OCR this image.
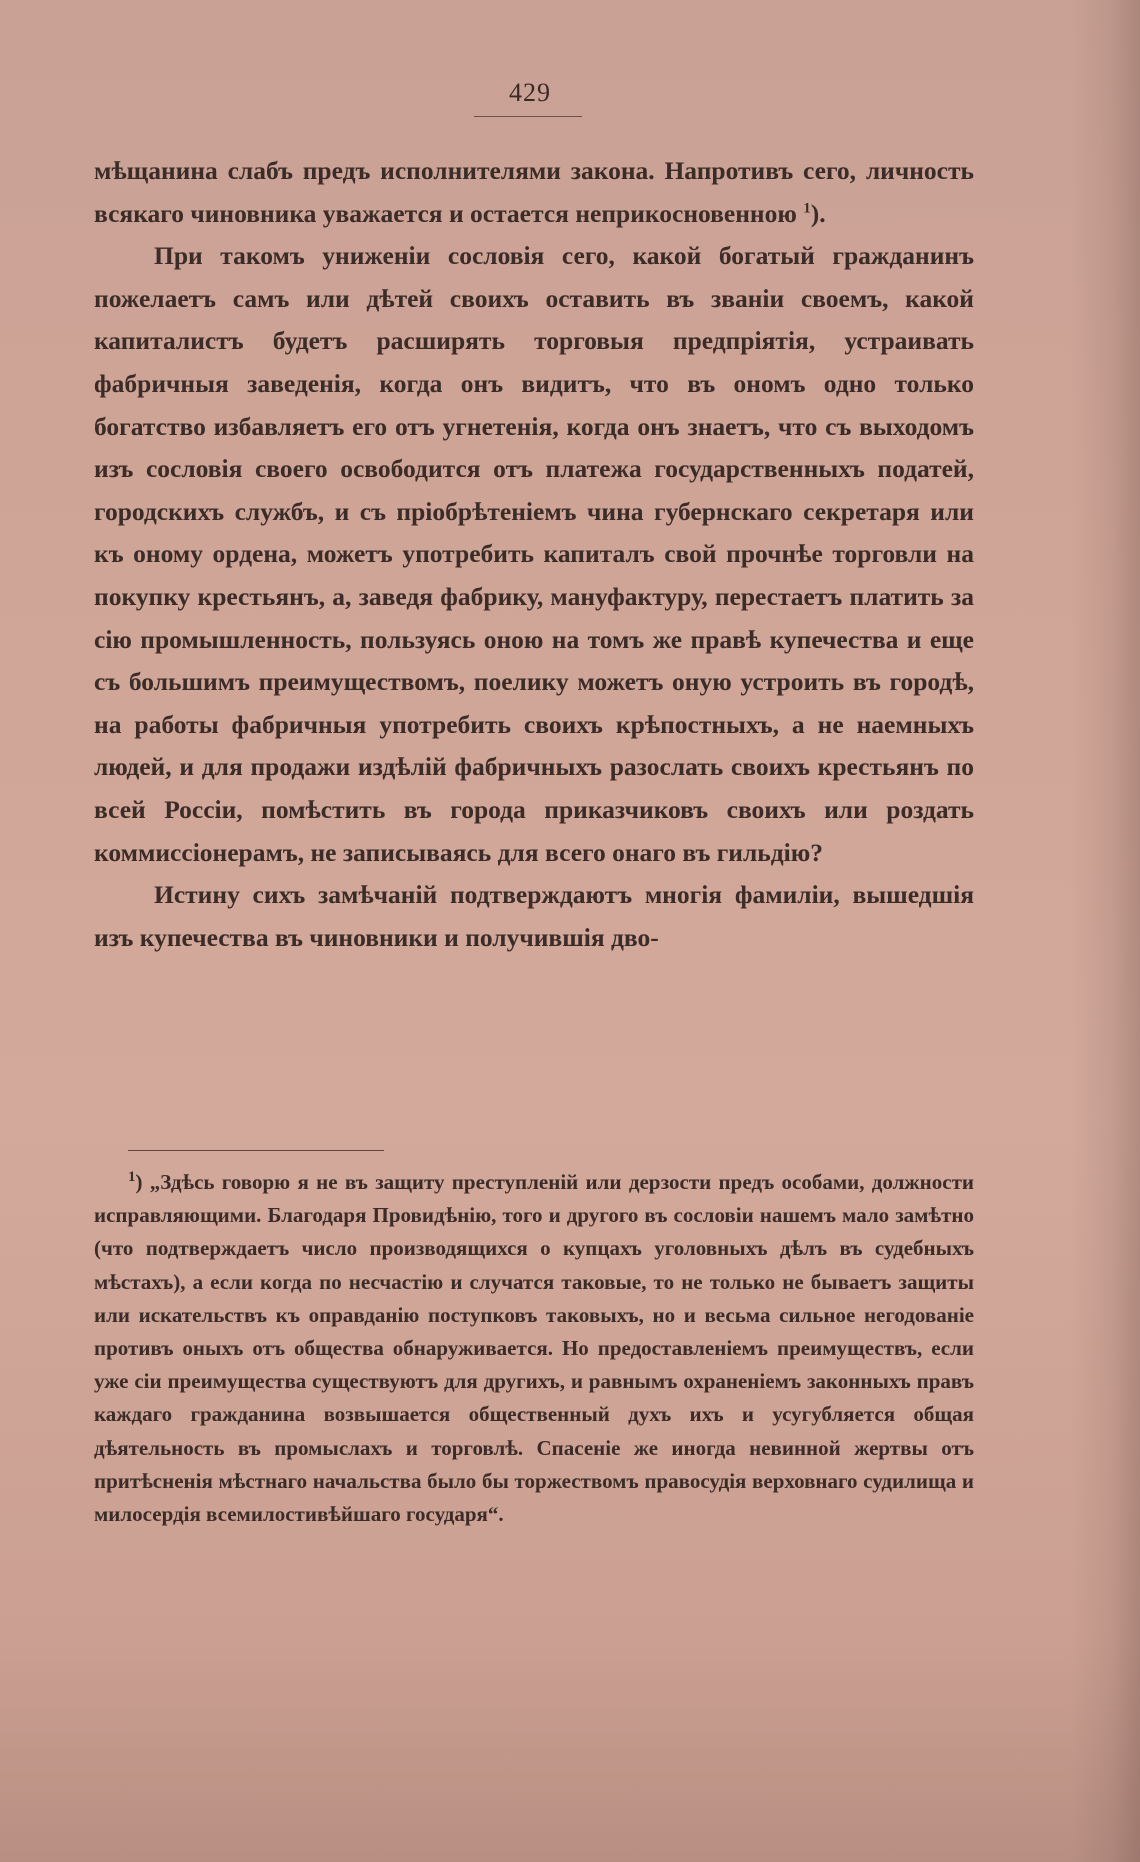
429

мѣщанина слабъ предъ исполнителями закона. Напротивъ сего, личность всякаго чиновника уважается и остается неприкосновенною $^1$).

При такомъ униженіи сословія сего, какой богатый гражданинъ пожелаетъ самъ или дѣтей своихъ оставить въ званіи своемъ, какой капиталистъ будетъ расширять торговыя предпріятія, устраивать фабричныя заведенія, когда онъ видитъ, что въ ономъ одно только богатство избавляетъ его отъ угнетенія, когда онъ знаетъ, что съ выходомъ изъ сословія своего освободится отъ платежа государственныхъ податей, городскихъ службъ, и съ пріобрѣтеніемъ чина губернскаго секретаря или къ оному ордена, можетъ употребить капиталъ свой прочнѣе торговли на покупку крестьянъ, а, заведя фабрику, мануфактуру, перестаетъ платить за сію промышленность, пользуясь оною на томъ же правѣ купечества и еще съ большимъ преимуществомъ, поелику можетъ оную устроить въ городѣ, на работы фабричныя употребить своихъ крѣпостныхъ, а не наемныхъ людей, и для продажи издѣлій фабричныхъ разослать своихъ крестьянъ по всей Россіи, помѣстить въ города приказчиковъ своихъ или роздать коммиссіонерамъ, не записываясь для всего онаго въ гильдію?

Истину сихъ замѣчаній подтверждаютъ многія фамиліи, вышедшія изъ купечества въ чиновники и получившія дво-

$^1$) „Здѣсь говорю я не въ защиту преступленій или дерзости предъ особами, должности исправляющими. Благодаря Провидѣнію, того и другого въ сословіи нашемъ мало замѣтно (что подтверждаетъ число производящихся о купцахъ уголовныхъ дѣлъ въ судебныхъ мѣстахъ), а если когда по несчастію и случатся таковые, то не только не бываетъ защиты или искательствъ къ оправданію поступковъ таковыхъ, но и весьма сильное негодованіе противъ оныхъ отъ общества обнаруживается. Но предоставленіемъ преимуществъ, если уже сіи преимущества существуютъ для другихъ, и равнымъ охраненіемъ законныхъ правъ каждаго гражданина возвышается общественный духъ ихъ и усугубляется общая дѣятельность въ промыслахъ и торговлѣ. Спасеніе же иногда невинной жертвы отъ притѣсненія мѣстнаго начальства было бы торжествомъ правосудія верховнаго судилища и милосердія всемилостивѣйшаго государя“.
